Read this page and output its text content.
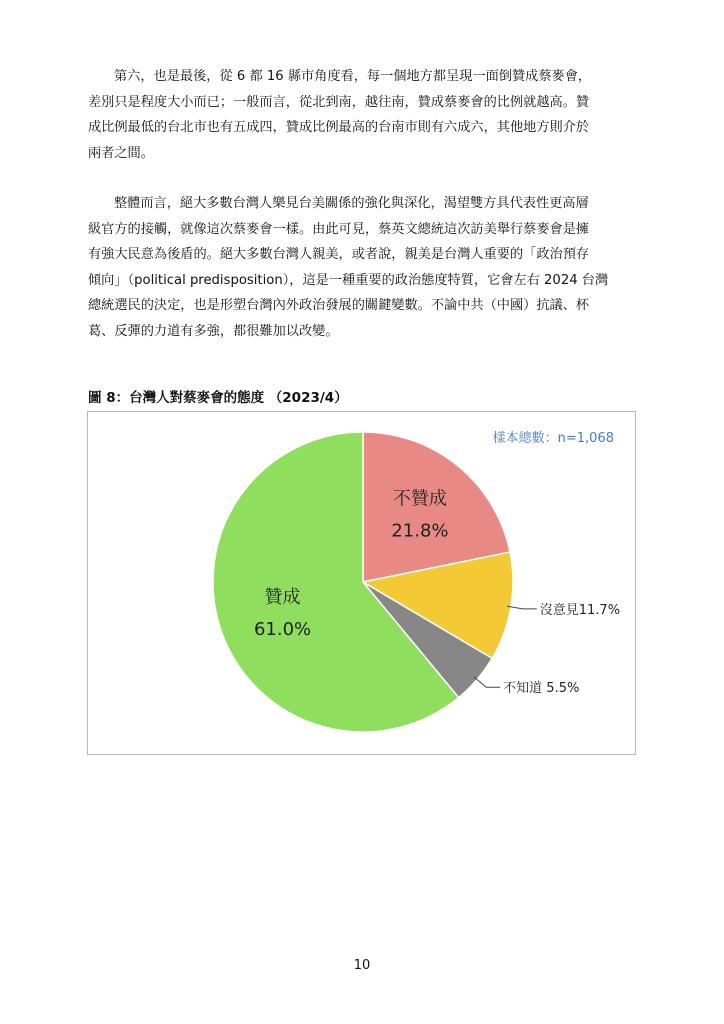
第六，也是最後，從 6 都 16 縣市角度看，每一個地方都呈現一面倒贊成蔡麥會，
差別只是程度大小而已；一般而言，從北到南，越往南，贊成蔡麥會的比例就越高。贊
成比例最低的台北市也有五成四，贊成比例最高的台南市則有六成六，其他地方則介於
兩者之間。
整體而言，絕大多數台灣人樂見台美關係的強化與深化，渴望雙方具代表性更高層
級官方的接觸，就像這次蔡麥會一樣。由此可見，蔡英文總統這次訪美舉行蔡麥會是擁
有強大民意為後盾的。絕大多數台灣人親美，或者說，親美是台灣人重要的「政治預存
傾向」（political predisposition），這是一種重要的政治態度特質，它會左右 2024 台灣
總統選民的決定，也是形塑台灣內外政治發展的關鍵變數。不論中共（中國）抗議、杯
葛、反彈的力道有多強，都很難加以改變。
圖 8：台灣人對蔡麥會的態度 （2023/4）
樣本總數：n=1,068
不贊成
21.8%
沒意見11.7%
不知道 5.5%
贊成
61.0%
10
